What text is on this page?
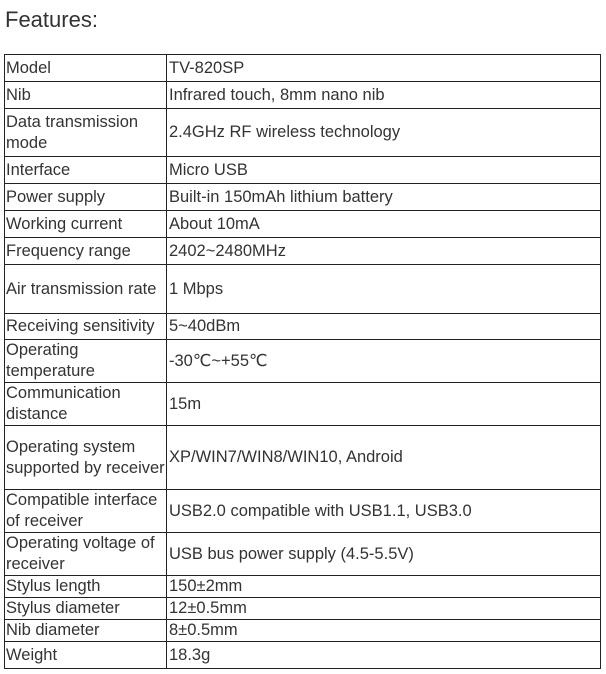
Features:
Model	TV-820SP
Nib	Infrared touch, 8mm nano nib
Data transmission mode	2.4GHz RF wireless technology
Interface	Micro USB
Power supply	Built-in 150mAh lithium battery
Working current	About 10mA
Frequency range	2402~2480MHz
Air transmission rate	1 Mbps
Receiving sensitivity	5~40dBm
Operating temperature	-30℃~+55℃
Communication distance	15m
Operating system supported by receiver	XP/WIN7/WIN8/WIN10, Android
Compatible interface of receiver	USB2.0 compatible with USB1.1, USB3.0
Operating voltage of receiver	USB bus power supply (4.5-5.5V)
Stylus length	150±2mm
Stylus diameter	12±0.5mm
Nib diameter	8±0.5mm
Weight	18.3g
